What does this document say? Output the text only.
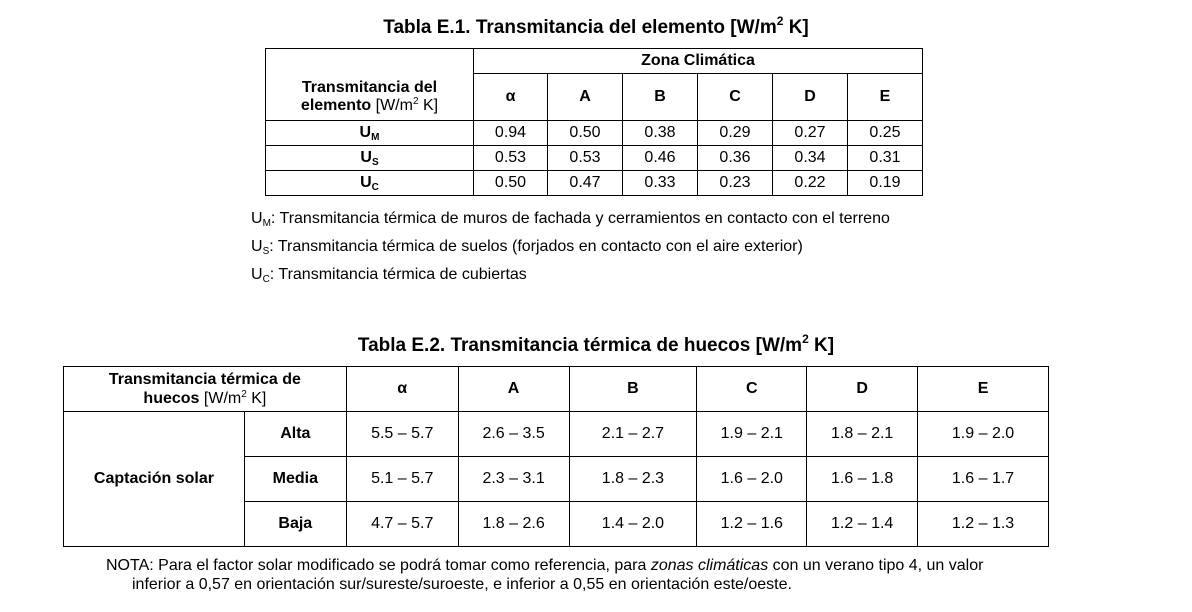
Tabla E.1. Transmitancia del elemento [$W/m^2$ K]
	Zona Climática					
Transmitancia del
elemento [$W/m^2$ K]	α	A	B	C	D	E
$U_M$	0.94	0.50	0.38	0.29	0.27	0.25
$U_S$	0.53	0.53	0.46	0.36	0.34	0.31
$U_C$	0.50	0.47	0.33	0.23	0.22	0.19
$U_M$: Transmitancia térmica de muros de fachada y cerramientos en contacto con el terreno
$U_S$: Transmitancia térmica de suelos (forjados en contacto con el aire exterior)
$U_C$: Transmitancia térmica de cubiertas
Tabla E.2. Transmitancia térmica de huecos [$W/m^2$ K]
Transmitancia térmica de
huecos [$W/m^2$ K]		α	A	B	C	D	E
Captación solar	Alta	5.5 – 5.7	2.6 – 3.5	2.1 – 2.7	1.9 – 2.1	1.8 – 2.1	1.9 – 2.0
	Media	5.1 – 5.7	2.3 – 3.1	1.8 – 2.3	1.6 – 2.0	1.6 – 1.8	1.6 – 1.7
	Baja	4.7 – 5.7	1.8 – 2.6	1.4 – 2.0	1.2 – 1.6	1.2 – 1.4	1.2 – 1.3
NOTA: Para el factor solar modificado se podrá tomar como referencia, para zonas climáticas con un verano tipo 4, un valor
inferior a 0,57 en orientación sur/sureste/suroeste, e inferior a 0,55 en orientación este/oeste.
